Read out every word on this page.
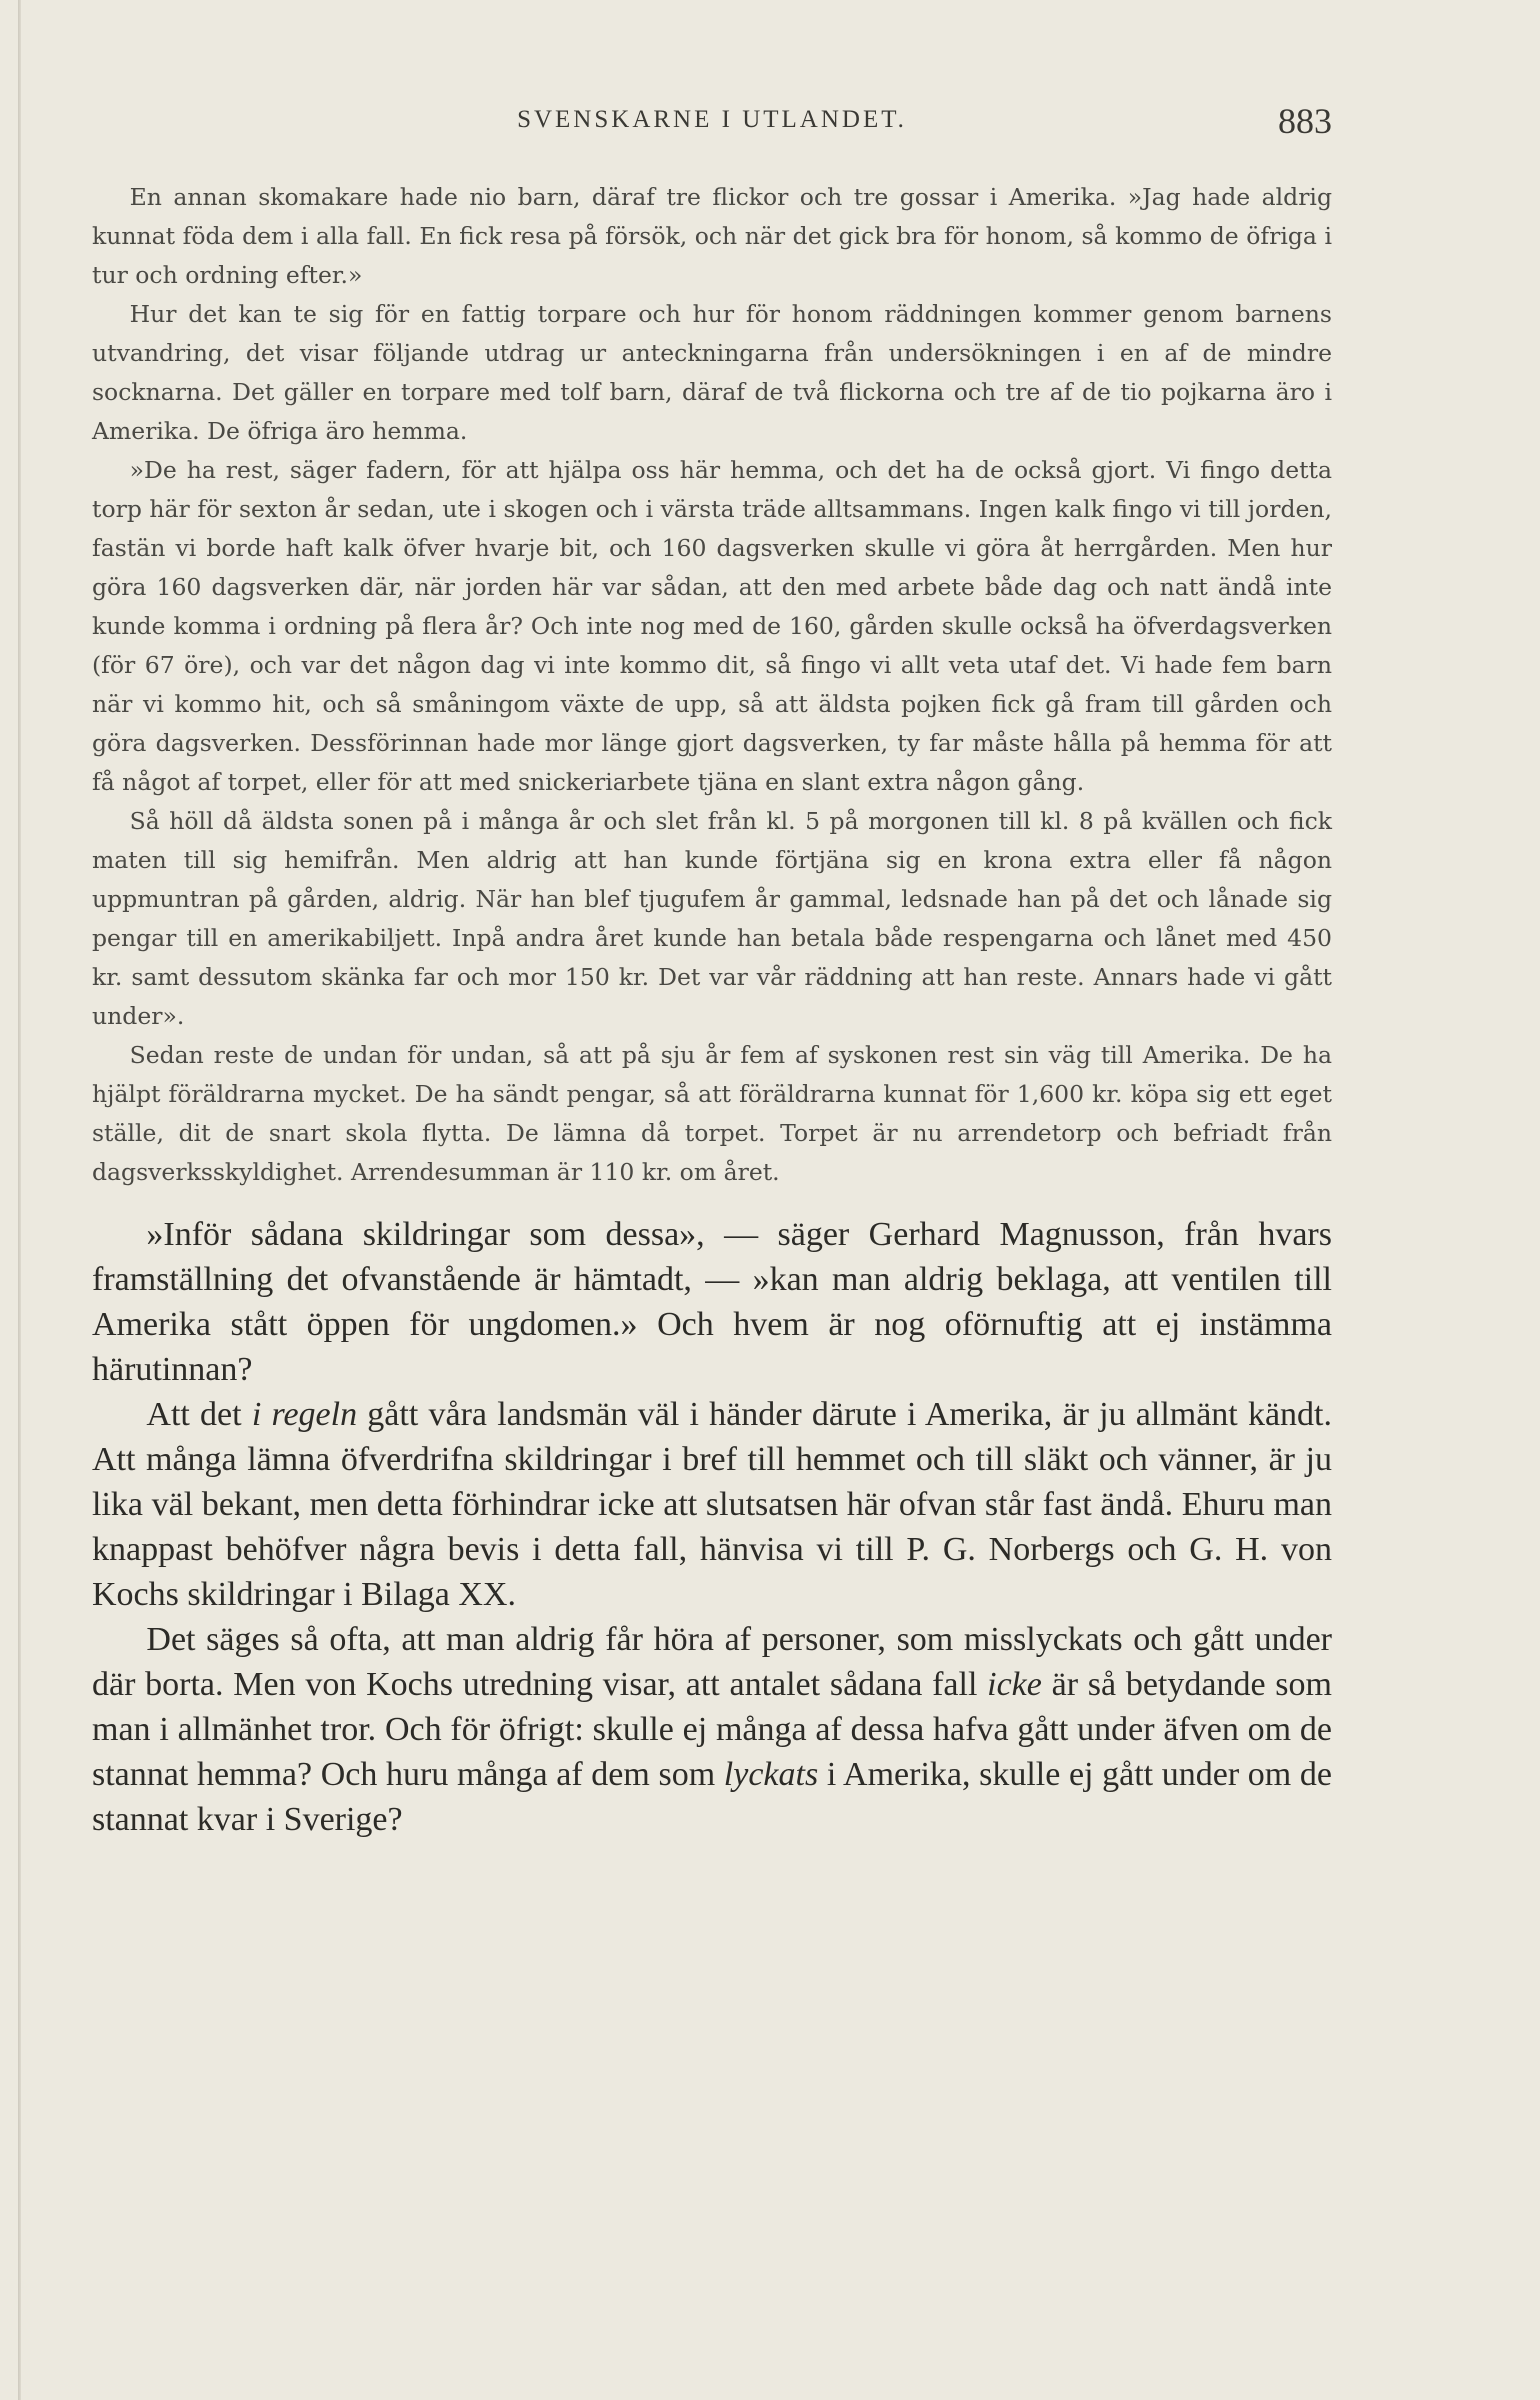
SVENSKARNE I UTLANDET.	883

En annan skomakare hade nio barn, däraf tre flickor och tre gossar i Amerika. »Jag hade aldrig kunnat föda dem i alla fall. En fick resa på försök, och när det gick bra för honom, så kommo de öfriga i tur och ordning efter.»

Hur det kan te sig för en fattig torpare och hur för honom räddningen kommer genom barnens utvandring, det visar följande utdrag ur anteckningarna från undersökningen i en af de mindre socknarna. Det gäller en torpare med tolf barn, däraf de två flickorna och tre af de tio pojkarna äro i Amerika. De öfriga äro hemma.

»De ha rest, säger fadern, för att hjälpa oss här hemma, och det ha de också gjort. Vi fingo detta torp här för sexton år sedan, ute i skogen och i värsta träde alltsammans. Ingen kalk fingo vi till jorden, fastän vi borde haft kalk öfver hvarje bit, och 160 dagsverken skulle vi göra åt herrgården. Men hur göra 160 dagsverken där, när jorden här var sådan, att den med arbete både dag och natt ändå inte kunde komma i ordning på flera år? Och inte nog med de 160, gården skulle också ha öfverdagsverken (för 67 öre), och var det någon dag vi inte kommo dit, så fingo vi allt veta utaf det. Vi hade fem barn när vi kommo hit, och så småningom växte de upp, så att äldsta pojken fick gå fram till gården och göra dagsverken. Dessförinnan hade mor länge gjort dagsverken, ty far måste hålla på hemma för att få något af torpet, eller för att med snickeriarbete tjäna en slant extra någon gång.

Så höll då äldsta sonen på i många år och slet från kl. 5 på morgonen till kl. 8 på kvällen och fick maten till sig hemifrån. Men aldrig att han kunde förtjäna sig en krona extra eller få någon uppmuntran på gården, aldrig. När han blef tjugufem år gammal, ledsnade han på det och lånade sig pengar till en amerikabiljett. Inpå andra året kunde han betala både respengarna och lånet med 450 kr. samt dessutom skänka far och mor 150 kr. Det var vår räddning att han reste. Annars hade vi gått under».

Sedan reste de undan för undan, så att på sju år fem af syskonen rest sin väg till Amerika. De ha hjälpt föräldrarna mycket. De ha sändt pengar, så att föräldrarna kunnat för 1,600 kr. köpa sig ett eget ställe, dit de snart skola flytta. De lämna då torpet. Torpet är nu arrendetorp och befriadt från dagsverksskyldighet. Arrendesumman är 110 kr. om året.

»Inför sådana skildringar som dessa», — säger Gerhard Magnusson, från hvars framställning det ofvanstående är hämtadt, — »kan man aldrig beklaga, att ventilen till Amerika stått öppen för ungdomen.» Och hvem är nog oförnuftig att ej instämma härutinnan?

Att det i regeln gått våra landsmän väl i händer därute i Amerika, är ju allmänt kändt. Att många lämna öfverdrifna skildringar i bref till hemmet och till släkt och vänner, är ju lika väl bekant, men detta förhindrar icke att slutsatsen här ofvan står fast ändå. Ehuru man knappast behöfver några bevis i detta fall, hänvisa vi till P. G. Norbergs och G. H. von Kochs skildringar i Bilaga XX.

Det säges så ofta, att man aldrig får höra af personer, som misslyckats och gått under där borta. Men von Kochs utredning visar, att antalet sådana fall icke är så betydande som man i allmänhet tror. Och för öfrigt: skulle ej många af dessa hafva gått under äfven om de stannat hemma? Och huru många af dem som lyckats i Amerika, skulle ej gått under om de stannat kvar i Sverige?
